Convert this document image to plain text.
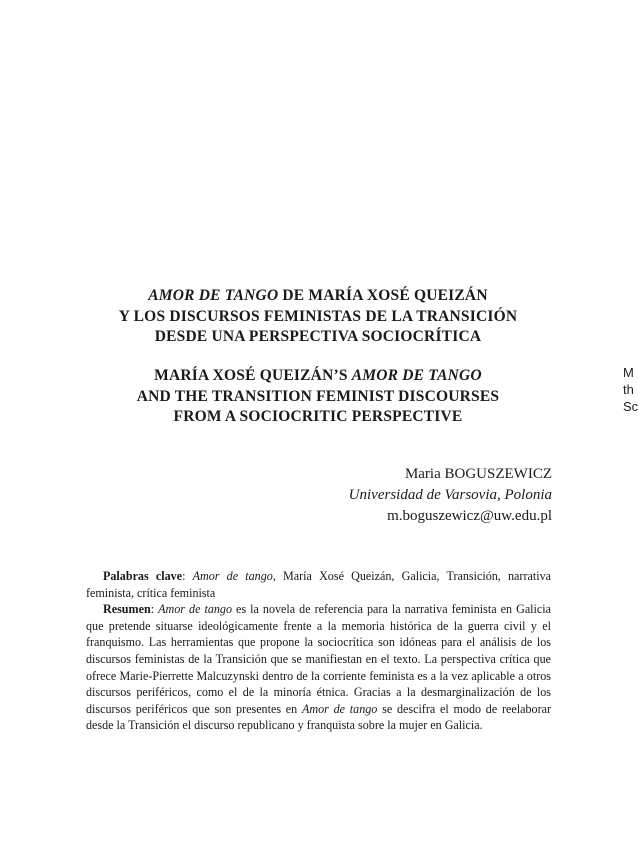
AMOR DE TANGO DE MARÍA XOSÉ QUEIZÁN
Y LOS DISCURSOS FEMINISTAS DE LA TRANSICIÓN
DESDE UNA PERSPECTIVA SOCIOCRÍTICA
MARÍA XOSÉ QUEIZÁN’S AMOR DE TANGO
AND THE TRANSITION FEMINIST DISCOURSES
FROM A SOCIOCRITIC PERSPECTIVE
Maria BOGUSZEWICZ
Universidad de Varsovia, Polonia
m.boguszewicz@uw.edu.pl

Palabras clave: Amor de tango, María Xosé Queizán, Galicia, Transición, narrativa feminista, crítica feminista

Resumen: Amor de tango es la novela de referencia para la narrativa feminista en Galicia que pretende situarse ideológicamente frente a la memoria histórica de la guerra civil y el franquismo. Las herramientas que propone la sociocrítica son idóneas para el análisis de los discursos feministas de la Transición que se manifiestan en el texto. La perspectiva crítica que ofrece Marie-Pierrette Malcuzynski dentro de la corriente feminista es a la vez aplicable a otros discursos periféricos, como el de la minoría étnica. Gracias a la desmarginalización de los discursos periféricos que son presentes en Amor de tango se descifra el modo de reelaborar desde la Transición el discurso republicano y franquista sobre la mujer en Galicia.

M
th
Sc
